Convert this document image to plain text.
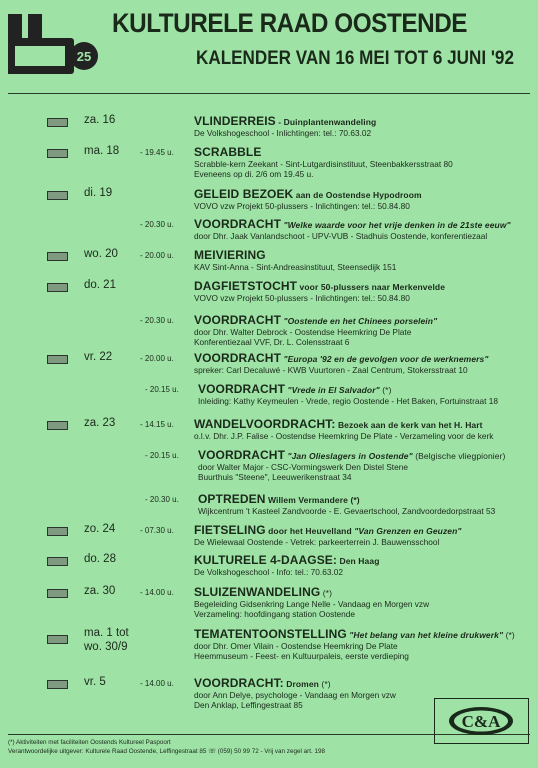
25
KULTURELE RAAD OOSTENDE
KALENDER VAN 16 MEI TOT 6 JUNI '92
za. 16	VLINDERREIS - Duinplantenwandeling
De Volkshogeschool - Inlichtingen: tel.: 70.63.02
ma. 18	- 19.45 u. SCRABBLE
Scrabble-kern Zeekant - Sint-Lutgardisinstituut, Steenbakkersstraat 80
Eveneens op di. 2/6 om 19.45 u.
di. 19	GELEID BEZOEK aan de Oostendse Hypodroom
VOVO vzw Projekt 50-plussers - Inlichtingen: tel.: 50.84.80
- 20.30 u. VOORDRACHT "Welke waarde voor het vrije denken in de 21ste eeuw"
door Dhr. Jaak Vanlandschoot - UPV-VUB - Stadhuis Oostende, konferentiezaal
wo. 20	- 20.00 u. MEIVIERING
KAV Sint-Anna - Sint-Andreasinstituut, Steensedijk 151
do. 21	DAGFIETSTOCHT voor 50-plussers naar Merkenvelde
VOVO vzw Projekt 50-plussers - Inlichtingen: tel.: 50.84.80
- 20.30 u. VOORDRACHT "Oostende en het Chinees porselein"
door Dhr. Walter Debrock - Oostendse Heemkring De Plate
Konferentiezaal VVF, Dr. L. Colensstraat 6
vr. 22	- 20.00 u. VOORDRACHT "Europa '92 en de gevolgen voor de werknemers"
spreker: Carl Decaluwé - KWB Vuurtoren - Zaal Centrum, Stokersstraat 10
- 20.15 u. VOORDRACHT "Vrede in El Salvador" (*)
Inleiding: Kathy Keymeulen - Vrede, regio Oostende - Het Baken, Fortuinstraat 18
za. 23	- 14.15 u. WANDELVOORDRACHT: Bezoek aan de kerk van het H. Hart
o.l.v. Dhr. J.P. Falise - Oostendse Heemkring De Plate - Verzameling voor de kerk
- 20.15 u. VOORDRACHT "Jan Olieslagers in Oostende" (Belgische vliegpionier)
door Walter Major - CSC-Vormingswerk Den Distel Stene
Buurthuis "Steene", Leeuwerikenstraat 34
- 20.30 u. OPTREDEN Willem Vermandere (*)
Wijkcentrum 't Kasteel Zandvoorde - E. Gevaertschool, Zandvoordedorpstraat 53
zo. 24	- 07.30 u. FIETSELING door het Heuvelland "Van Grenzen en Geuzen"
De Wielewaal Oostende - Vetrek: parkeerterrein J. Bauwensschool
do. 28	KULTURELE 4-DAAGSE: Den Haag
De Volkshogeschool - Info: tel.: 70.63.02
za. 30	- 14.00 u. SLUIZENWANDELING (*)
Begeleiding Gidsenkring Lange Nelle - Vandaag en Morgen vzw
Verzameling: hoofdingang station Oostende
ma. 1 tot
wo. 30/9
TEMATENTOONSTELLING "Het belang van het kleine drukwerk" (*)
door Dhr. Omer Vilain - Oostendse Heemkring De Plate
Heemmuseum - Feest- en Kultuurpaleis, eerste verdieping
vr. 5	- 14.00 u. VOORDRACHT: Dromen (*)
door Ann Delye, psychologe - Vandaag en Morgen vzw
Den Anklap, Leffingestraat 85
(*) Aktiviteiten met faciliteiten Oostends Kultureel Paspoort
Verantwoordelijke uitgever: Kulturele Raad Oostende, Leffingestraat 85 ☏ (059) 50 99 72 - Vrij van zegel art. 198
C&A
